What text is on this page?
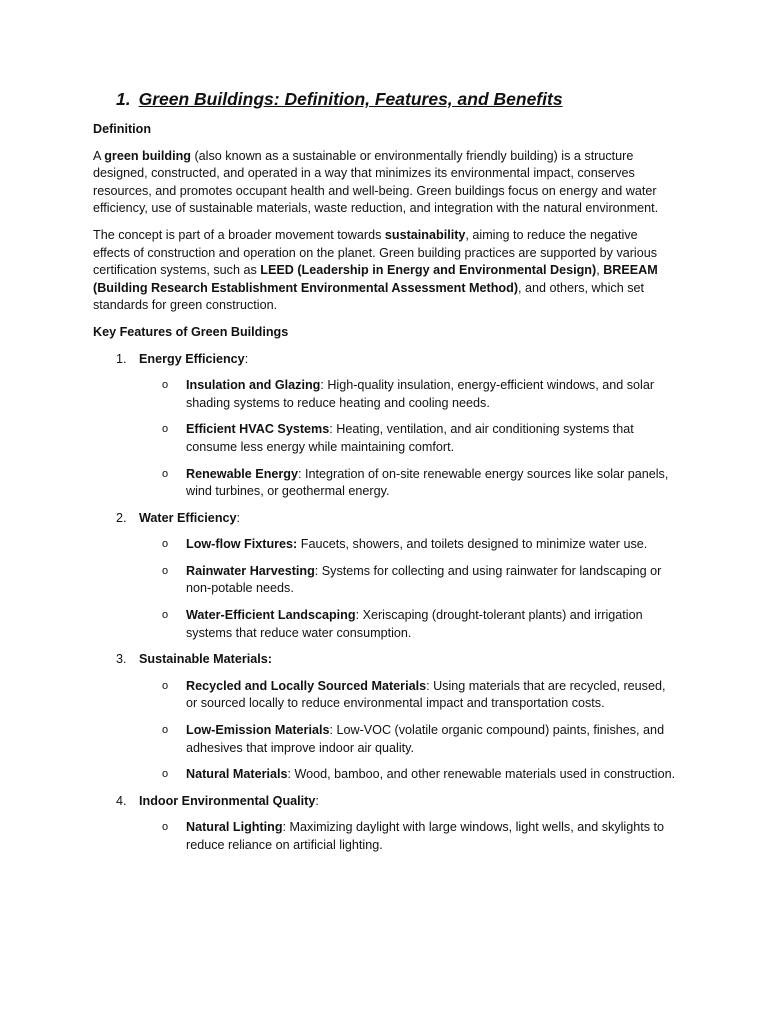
1. Green Buildings: Definition, Features, and Benefits
Definition

A green building (also known as a sustainable or environmentally friendly building) is a structure designed, constructed, and operated in a way that minimizes its environmental impact, conserves resources, and promotes occupant health and well-being. Green buildings focus on energy and water efficiency, use of sustainable materials, waste reduction, and integration with the natural environment.

The concept is part of a broader movement towards sustainability, aiming to reduce the negative effects of construction and operation on the planet. Green building practices are supported by various certification systems, such as LEED (Leadership in Energy and Environmental Design), BREEAM (Building Research Establishment Environmental Assessment Method), and others, which set standards for green construction.

Key Features of Green Buildings
1. Energy Efficiency:
o Insulation and Glazing: High-quality insulation, energy-efficient windows, and solar shading systems to reduce heating and cooling needs.
o Efficient HVAC Systems: Heating, ventilation, and air conditioning systems that consume less energy while maintaining comfort.
o Renewable Energy: Integration of on-site renewable energy sources like solar panels, wind turbines, or geothermal energy.
2. Water Efficiency:
o Low-flow Fixtures: Faucets, showers, and toilets designed to minimize water use.
o Rainwater Harvesting: Systems for collecting and using rainwater for landscaping or non-potable needs.
o Water-Efficient Landscaping: Xeriscaping (drought-tolerant plants) and irrigation systems that reduce water consumption.
3. Sustainable Materials:
o Recycled and Locally Sourced Materials: Using materials that are recycled, reused, or sourced locally to reduce environmental impact and transportation costs.
o Low-Emission Materials: Low-VOC (volatile organic compound) paints, finishes, and adhesives that improve indoor air quality.
o Natural Materials: Wood, bamboo, and other renewable materials used in construction.
4. Indoor Environmental Quality:
o Natural Lighting: Maximizing daylight with large windows, light wells, and skylights to reduce reliance on artificial lighting.
